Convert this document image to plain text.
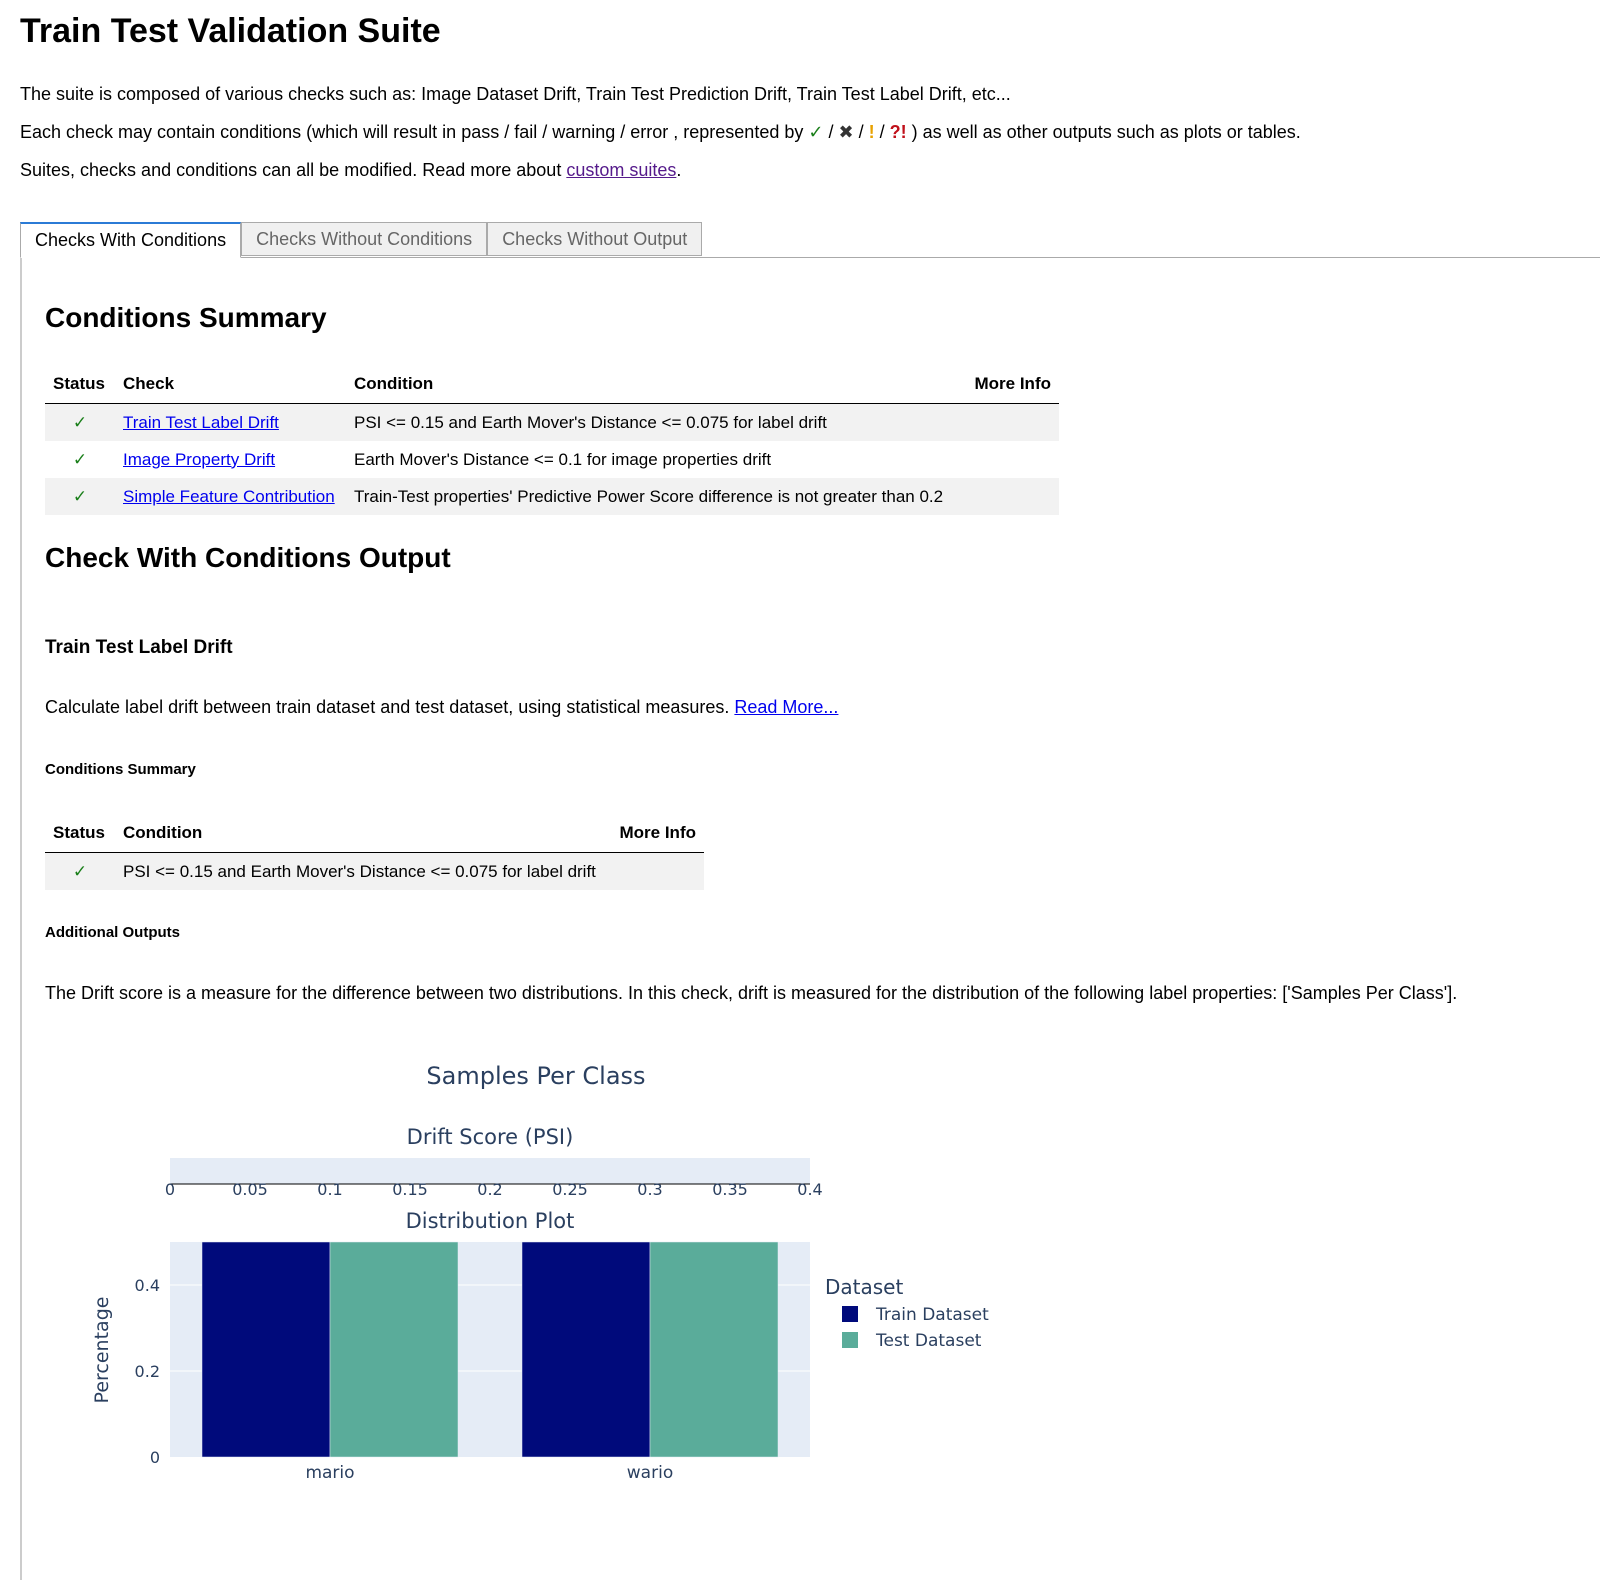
Train Test Validation Suite

The suite is composed of various checks such as: Image Dataset Drift, Train Test Prediction Drift, Train Test Label Drift, etc...

Each check may contain conditions (which will result in pass / fail / warning / error , represented by ✓ / ✖ / ! / ?! ) as well as other outputs such as plots or tables.

Suites, checks and conditions can all be modified. Read more about custom suites.

Checks With Conditions	Checks Without Conditions	Checks Without Output
Conditions Summary
Status	Check	Condition	More Info
✓	Train Test Label Drift	PSI <= 0.15 and Earth Mover's Distance <= 0.075 for label drift	
✓	Image Property Drift	Earth Mover's Distance <= 0.1 for image properties drift	
✓	Simple Feature Contribution	Train-Test properties' Predictive Power Score difference is not greater than 0.2	
Check With Conditions Output
Train Test Label Drift

Calculate label drift between train dataset and test dataset, using statistical measures. Read More...

Conditions Summary
Status	Condition	More Info
✓	PSI <= 0.15 and Earth Mover's Distance <= 0.075 for label drift	
Additional Outputs

The Drift score is a measure for the difference between two distributions. In this check, drift is measured for the distribution of the following label properties: ['Samples Per Class'].

Samples Per Class
Drift Score (PSI)
0	0.05	0.1	0.15	0.2	0.25	0.3	0.35	0.4
Distribution Plot
0
0.2
0.4
mario	wario
Percentage
Dataset
Train Dataset
Test Dataset
